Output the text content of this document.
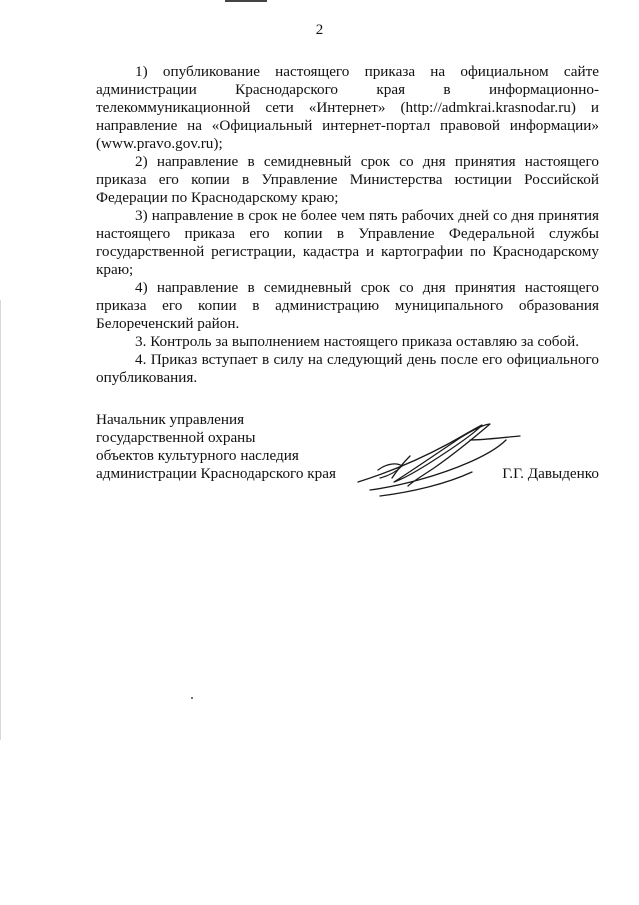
2

1) опубликование настоящего приказа на официальном сайте администрации Краснодарского края в информационно-телекоммуникационной сети «Интернет» (http://admkrai.krasnodar.ru) и направление на «Официальный интернет-портал правовой информации» (www.pravo.gov.ru);

2) направление в семидневный срок со дня принятия настоящего приказа его копии в Управление Министерства юстиции Российской Федерации по Краснодарскому краю;

3) направление в срок не более чем пять рабочих дней со дня принятия настоящего приказа его копии в Управление Федеральной службы государственной регистрации, кадастра и картографии по Краснодарскому краю;

4) направление в семидневный срок со дня принятия настоящего приказа его копии в администрацию муниципального образования Белореченский район.

3. Контроль за выполнением настоящего приказа оставляю за собой.

4. Приказ вступает в силу на следующий день после его официального опубликования.

Начальник управления
государственной охраны
объектов культурного наследия
администрации Краснодарского края	Г.Г. Давыденко
